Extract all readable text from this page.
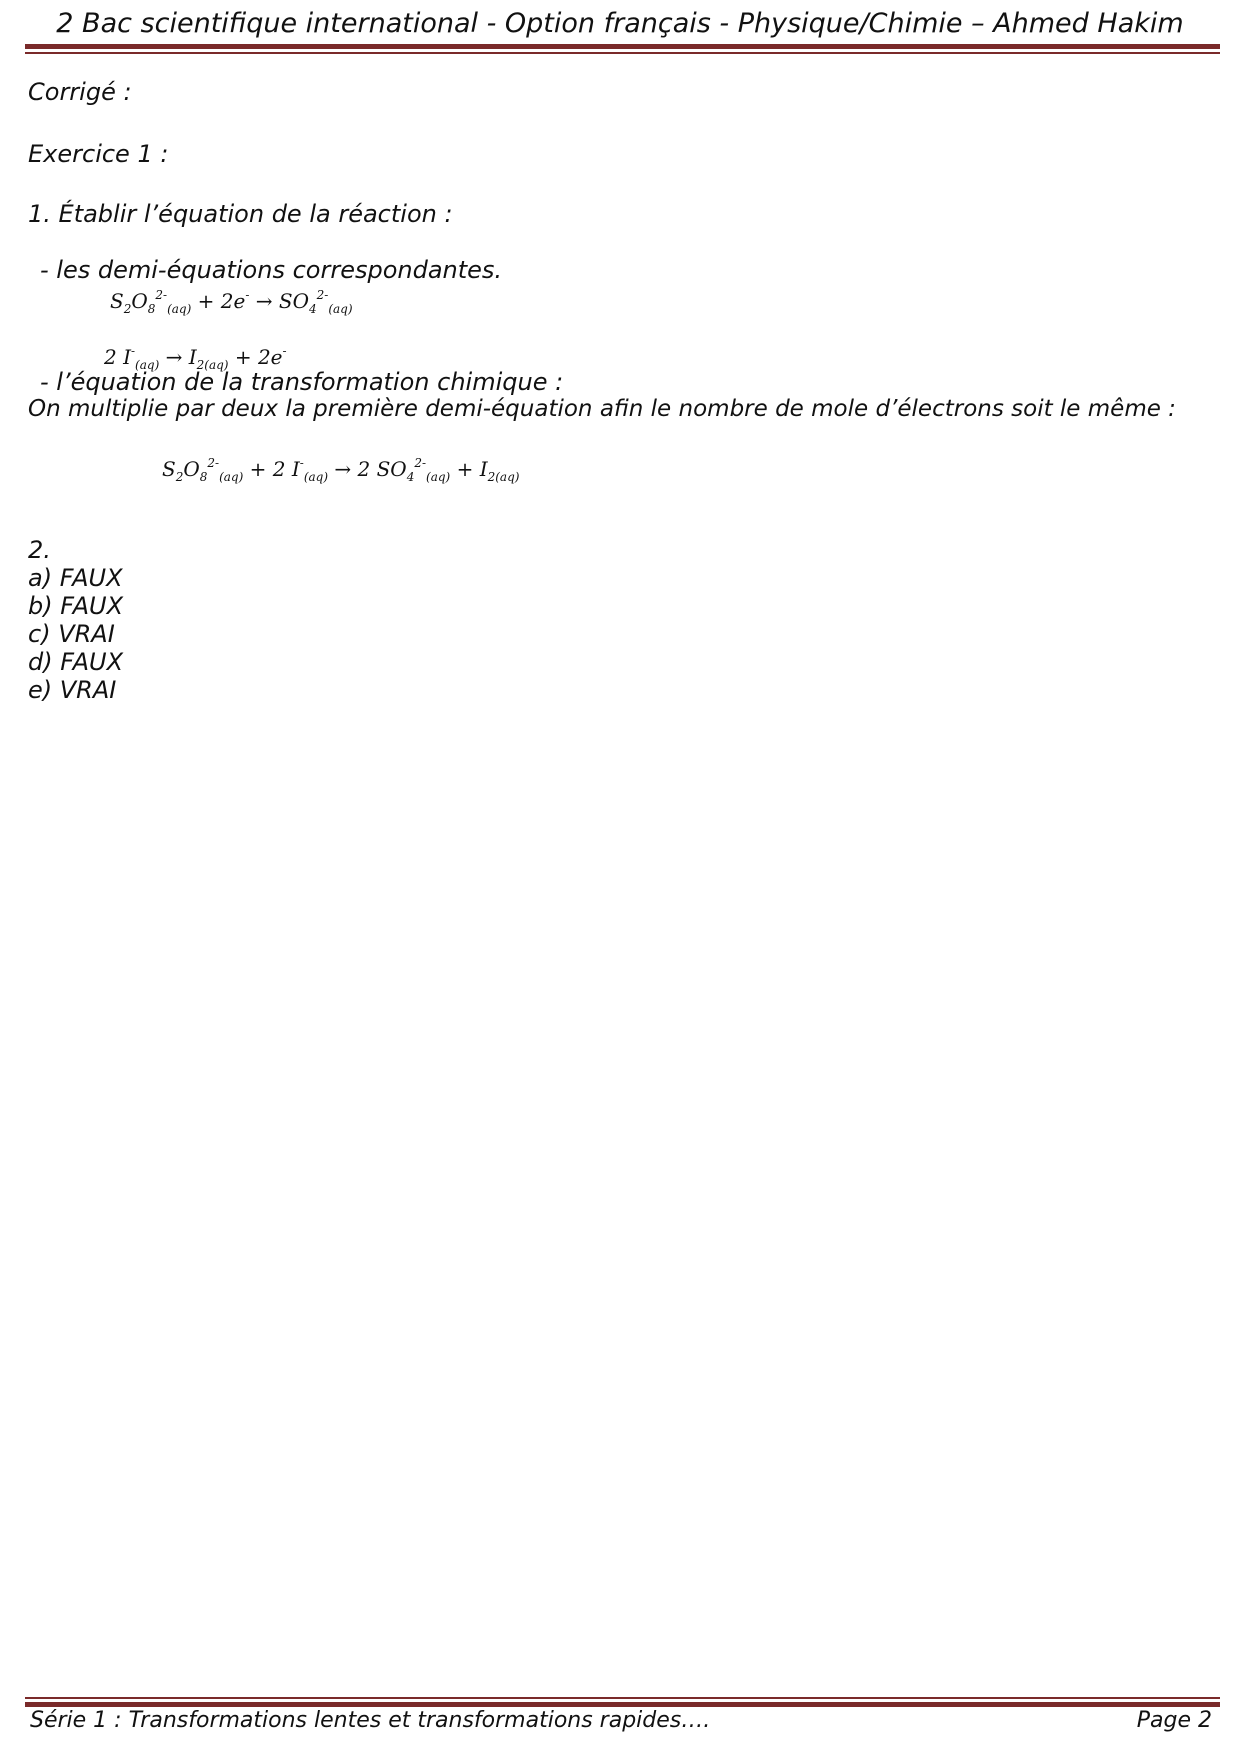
2 Bac scientifique international - Option français - Physique/Chimie – Ahmed Hakim
Corrigé :
Exercice 1 :
1. Établir l’équation de la réaction :
- les demi-équations correspondantes.
$S_2O_8^{2-}_{(aq)} + 2e^- \to SO_4^{2-}_{(aq)}$
2 $I^-_{(aq)} \to I_{2(aq)} + 2e^-$
- l’équation de la transformation chimique :
On multiplie par deux la première demi-équation afin le nombre de mole d’électrons soit le même :
$S_2O_8^{2-}_{(aq)} + 2$ $I^-_{(aq)} \to 2$ $SO_4^{2-}_{(aq)} + I_{2(aq)}$
2.
a) FAUX
b) FAUX
c) VRAI
d) FAUX
e) VRAI
Série 1 : Transformations lentes et transformations rapides….	Page 2
